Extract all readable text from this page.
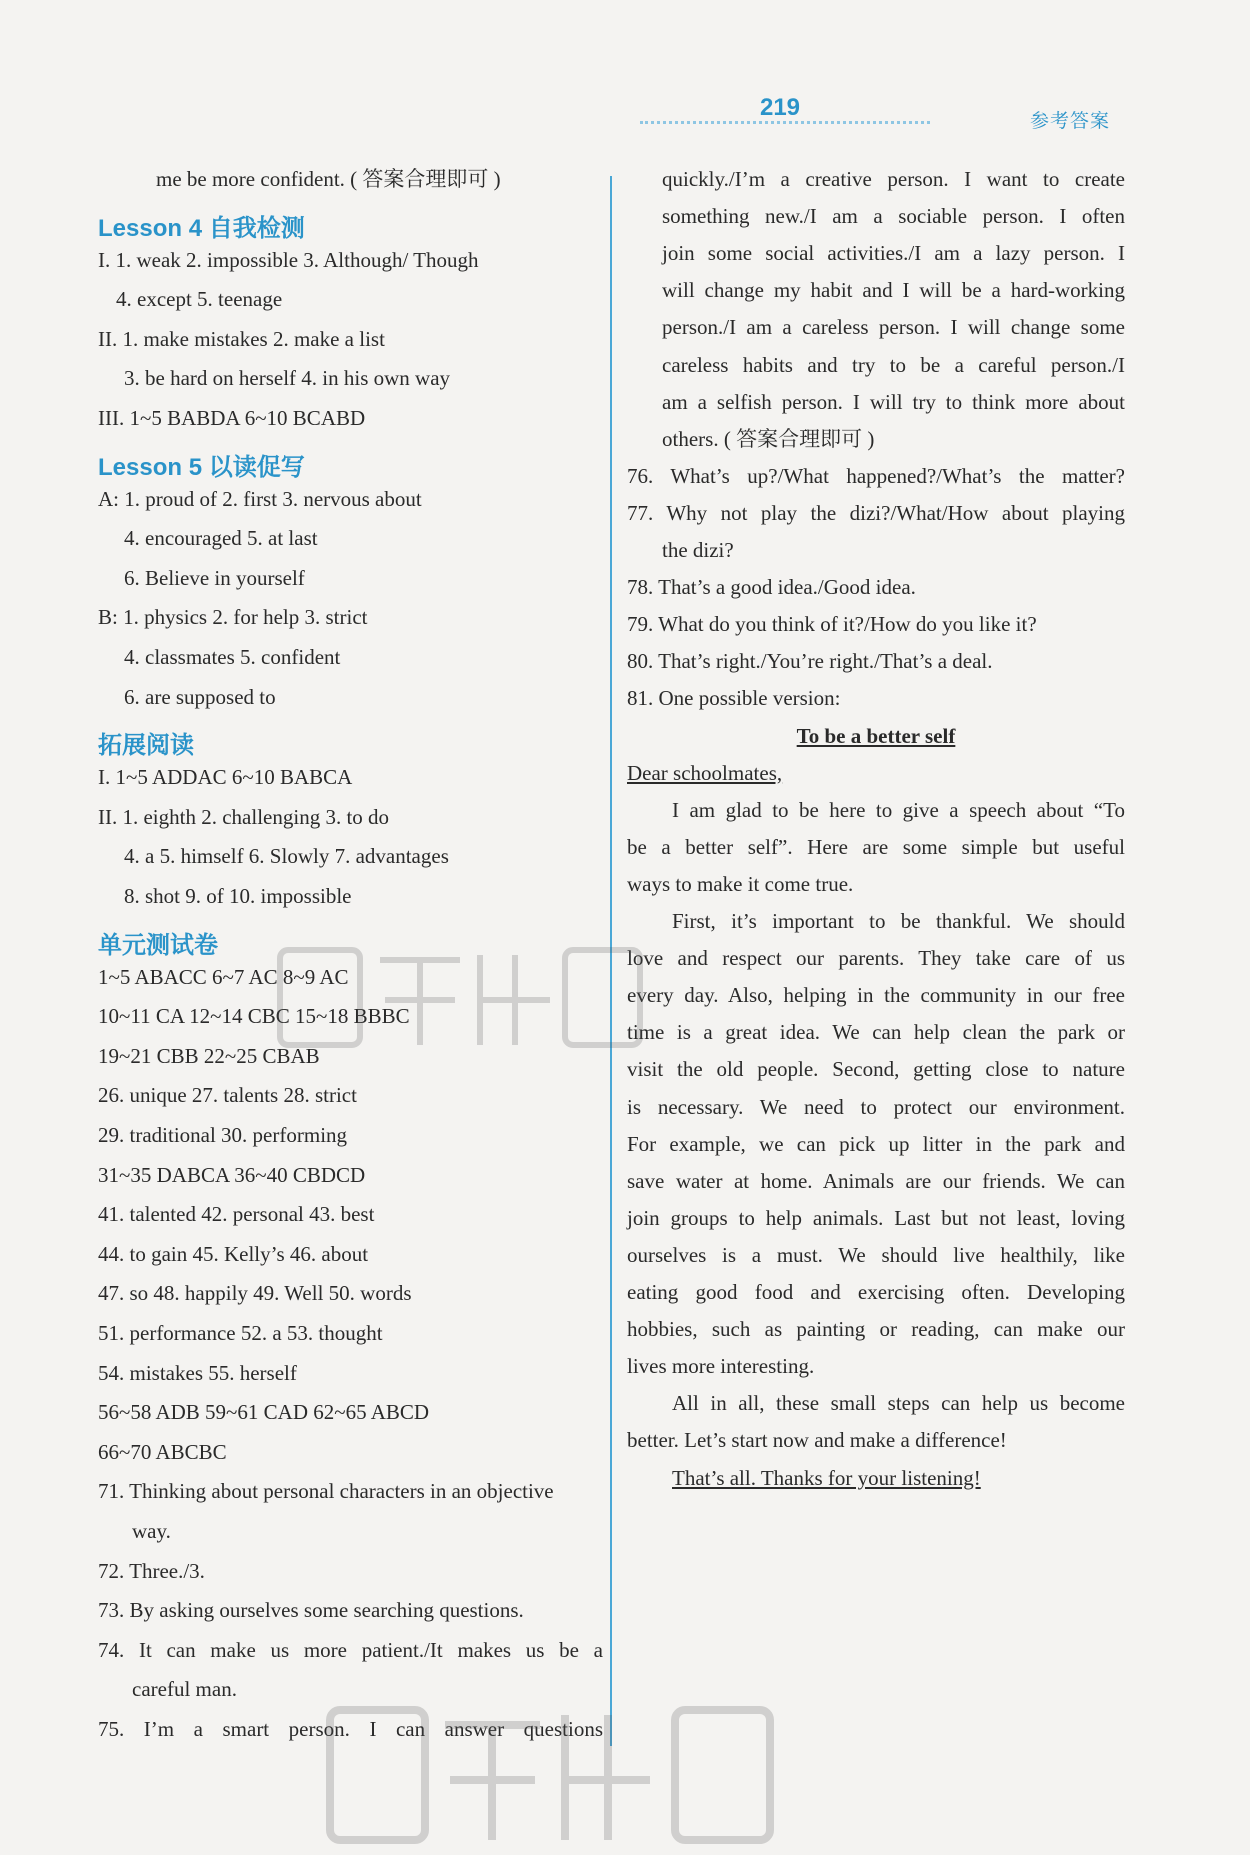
219	参考答案
me be more confident. ( 答案合理即可 )
Lesson 4 自我检测
I. 1. weak 2. impossible 3. Although/ Though
4. except 5. teenage
II. 1. make mistakes 2. make a list
3. be hard on herself 4. in his own way
III. 1~5 BABDA 6~10 BCABD
Lesson 5 以读促写
A: 1. proud of 2. first 3. nervous about
4. encouraged 5. at last
6. Believe in yourself
B: 1. physics 2. for help 3. strict
4. classmates 5. confident
6. are supposed to
拓展阅读
I. 1~5 ADDAC 6~10 BABCA
II. 1. eighth 2. challenging 3. to do
4. a 5. himself 6. Slowly 7. advantages
8. shot 9. of 10. impossible
单元测试卷
1~5 ABACC 6~7 AC 8~9 AC
10~11 CA 12~14 CBC 15~18 BBBC
19~21 CBB 22~25 CBAB
26. unique 27. talents 28. strict
29. traditional 30. performing
31~35 DABCA 36~40 CBDCD
41. talented 42. personal 43. best
44. to gain 45. Kelly’s 46. about
47. so 48. happily 49. Well 50. words
51. performance 52. a 53. thought
54. mistakes 55. herself
56~58 ADB 59~61 CAD 62~65 ABCD
66~70 ABCBC
71. Thinking about personal characters in an objective
way.
72. Three./3.
73. By asking ourselves some searching questions.
74. It can make us more patient./It makes us be a
careful man.
75. I’m a smart person. I can answer questions
quickly./I’m a creative person. I want to create
something new./I am a sociable person. I often
join some social activities./I am a lazy person. I
will change my habit and I will be a hard-working
person./I am a careless person. I will change some
careless habits and try to be a careful person./I
am a selfish person. I will try to think more about
others. ( 答案合理即可 )
76. What’s up?/What happened?/What’s the matter?
77. Why not play the dizi?/What/How about playing
the dizi?
78. That’s a good idea./Good idea.
79. What do you think of it?/How do you like it?
80. That’s right./You’re right./That’s a deal.
81. One possible version:
To be a better self
Dear schoolmates,
I am glad to be here to give a speech about “To
be a better self”. Here are some simple but useful
ways to make it come true.
First, it’s important to be thankful. We should
love and respect our parents. They take care of us
every day. Also, helping in the community in our free
time is a great idea. We can help clean the park or
visit the old people. Second, getting close to nature
is necessary. We need to protect our environment.
For example, we can pick up litter in the park and
save water at home. Animals are our friends. We can
join groups to help animals. Last but not least, loving
ourselves is a must. We should live healthily, like
eating good food and exercising often. Developing
hobbies, such as painting or reading, can make our
lives more interesting.
All in all, these small steps can help us become
better. Let’s start now and make a difference!
That’s all. Thanks for your listening!
